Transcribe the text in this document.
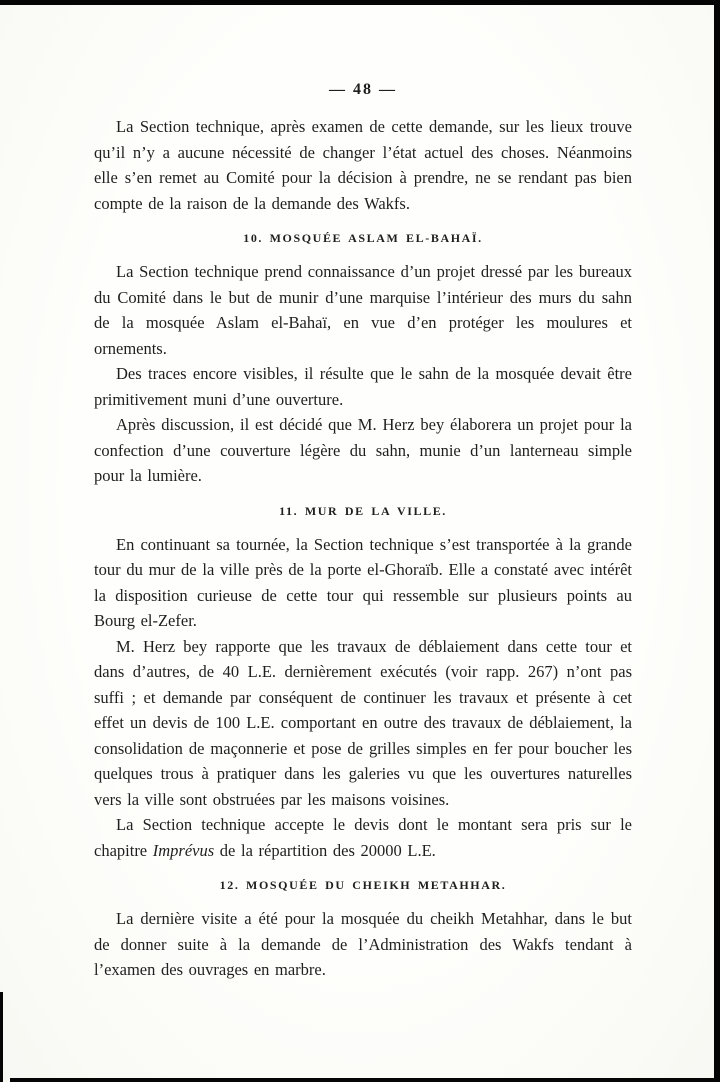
— 48 —

La Section technique, après examen de cette demande, sur les lieux trouve qu’il n’y a aucune nécessité de changer l’état actuel des choses. Néanmoins elle s’en remet au Comité pour la décision à prendre, ne se rendant pas bien compte de la raison de la demande des Wakfs.

10. MOSQUÉE ASLAM EL-BAHAÏ.

La Section technique prend connaissance d’un projet dressé par les bureaux du Comité dans le but de munir d’une marquise l’intérieur des murs du sahn de la mosquée Aslam el-Bahaï, en vue d’en protéger les moulures et ornements.

Des traces encore visibles, il résulte que le sahn de la mosquée devait être primitivement muni d’une ouverture.

Après discussion, il est décidé que M. Herz bey élaborera un projet pour la confection d’une couverture légère du sahn, munie d’un lanterneau simple pour la lumière.

11. MUR DE LA VILLE.

En continuant sa tournée, la Section technique s’est transportée à la grande tour du mur de la ville près de la porte el-Ghoraïb. Elle a constaté avec intérêt la disposition curieuse de cette tour qui ressemble sur plusieurs points au Bourg el-Zefer.

M. Herz bey rapporte que les travaux de déblaiement dans cette tour et dans d’autres, de 40 L.E. dernièrement exécutés (voir rapp. 267) n’ont pas suffi ; et demande par conséquent de continuer les travaux et présente à cet effet un devis de 100 L.E. comportant en outre des travaux de déblaiement, la consolidation de maçonnerie et pose de grilles simples en fer pour boucher les quelques trous à pratiquer dans les galeries vu que les ouvertures naturelles vers la ville sont obstruées par les maisons voisines.

La Section technique accepte le devis dont le montant sera pris sur le chapitre Imprévus de la répartition des 20000 L.E.

12. MOSQUÉE DU CHEIKH METAHHAR.

La dernière visite a été pour la mosquée du cheikh Metahhar, dans le but de donner suite à la demande de l’Administration des Wakfs tendant à l’examen des ouvrages en marbre.
